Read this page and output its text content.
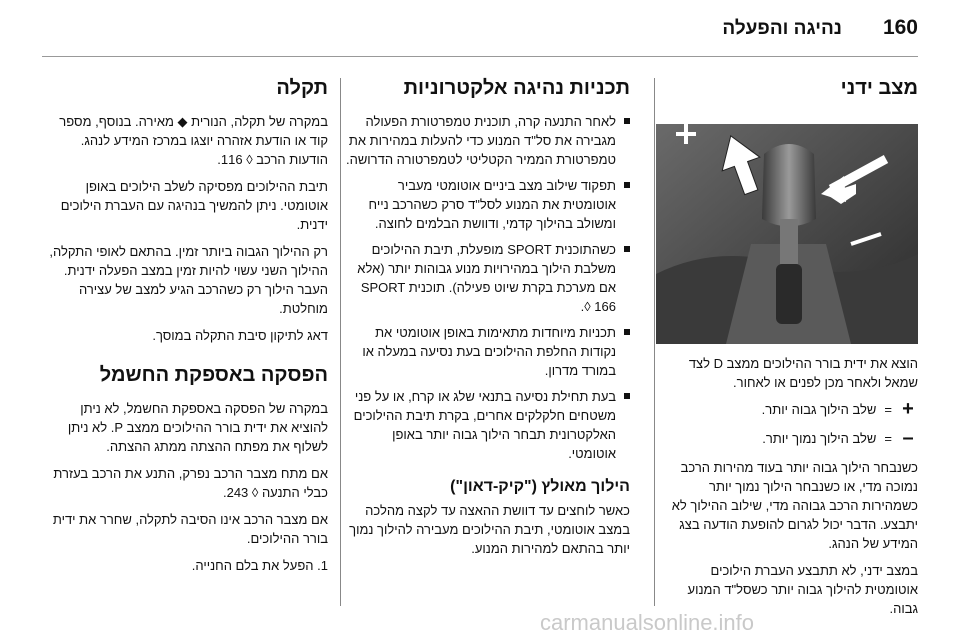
160
נהיגה והפעלה
מצב ידני

הוצא את ידית בורר ההילוכים ממצב D לצד שמאל ולאחר מכן לפנים או לאחור.

+
=
שלב הילוך גבוה יותר.
–
=
שלב הילוך נמוך יותר.

כשנבחר הילוך גבוה יותר בעוד מהירות הרכב נמוכה מדי, או כשנבחר הילוך נמוך יותר כשמהירות הרכב גבוהה מדי, שילוב ההילוך לא יתבצע. הדבר יכול לגרום להופעת הודעה בצג המידע של הנהג.

במצב ידני, לא תתבצע העברת הילוכים אוטומטית להילוך גבוה יותר כשסל"ד המנוע גבוה.

תכניות נהיגה אלקטרוניות
לאחר התנעה קרה, תוכנית טמפרטורת הפעולה מגבירה את סל"ד המנוע כדי להעלות במהירות את טמפרטורת הממיר הקטליטי לטמפרטורה הדרושה.
תפקוד שילוב מצב ביניים אוטומטי מעביר אוטומטית את המנוע לסל"ד סרק כשהרכב נייח ומשולב בהילוך קדמי, ודוושת הבלמים לחוצה.
כשהתוכנית SPORT מופעלת, תיבת ההילוכים משלבת הילוך במהירויות מנוע גבוהות יותר (אלא אם מערכת בקרת שיוט פעילה). תוכנית SPORT 166 ◊.
תכניות מיוחדות מתאימות באופן אוטומטי את נקודות החלפת ההילוכים בעת נסיעה במעלה או במורד מדרון.
בעת תחילת נסיעה בתנאי שלג או קרח, או על פני משטחים חלקלקים אחרים, בקרת תיבת ההילוכים האלקטרונית תבחר הילוך גבוה יותר באופן אוטומטי.
הילוך מאולץ ("קיק-דאון")

כאשר לוחצים עד דוושת ההאצה עד לקצה מהלכה במצב אוטומטי, תיבת ההילוכים מעבירה להילוך נמוך יותר בהתאם למהירות המנוע.

תקלה

במקרה של תקלה, הנורית ◆ מאירה. בנוסף, מספר קוד או הודעת אזהרה יוצגו במרכז המידע לנהג. הודעות הרכב ◊ 116.

תיבת ההילוכים מפסיקה לשלב הילוכים באופן אוטומטי. ניתן להמשיך בנהיגה עם העברת הילוכים ידנית.

רק ההילוך הגבוה ביותר זמין. בהתאם לאופי התקלה, ההילוך השני עשוי להיות זמין במצב הפעלה ידנית. העבר הילוך רק כשהרכב הגיע למצב של עצירה מוחלטת.

דאג לתיקון סיבת התקלה במוסך.

הפסקה באספקת החשמל

במקרה של הפסקה באספקת החשמל, לא ניתן להוציא את ידית בורר ההילוכים ממצב P. לא ניתן לשלוף את מפתח ההצתה ממתג ההצתה.

אם מתח מצבר הרכב נפרק, התנע את הרכב בעזרת כבלי התנעה ◊ 243.

אם מצבר הרכב אינו הסיבה לתקלה, שחרר את ידית בורר ההילוכים.

1. הפעל את בלם החנייה.

carmanualsonline.info
